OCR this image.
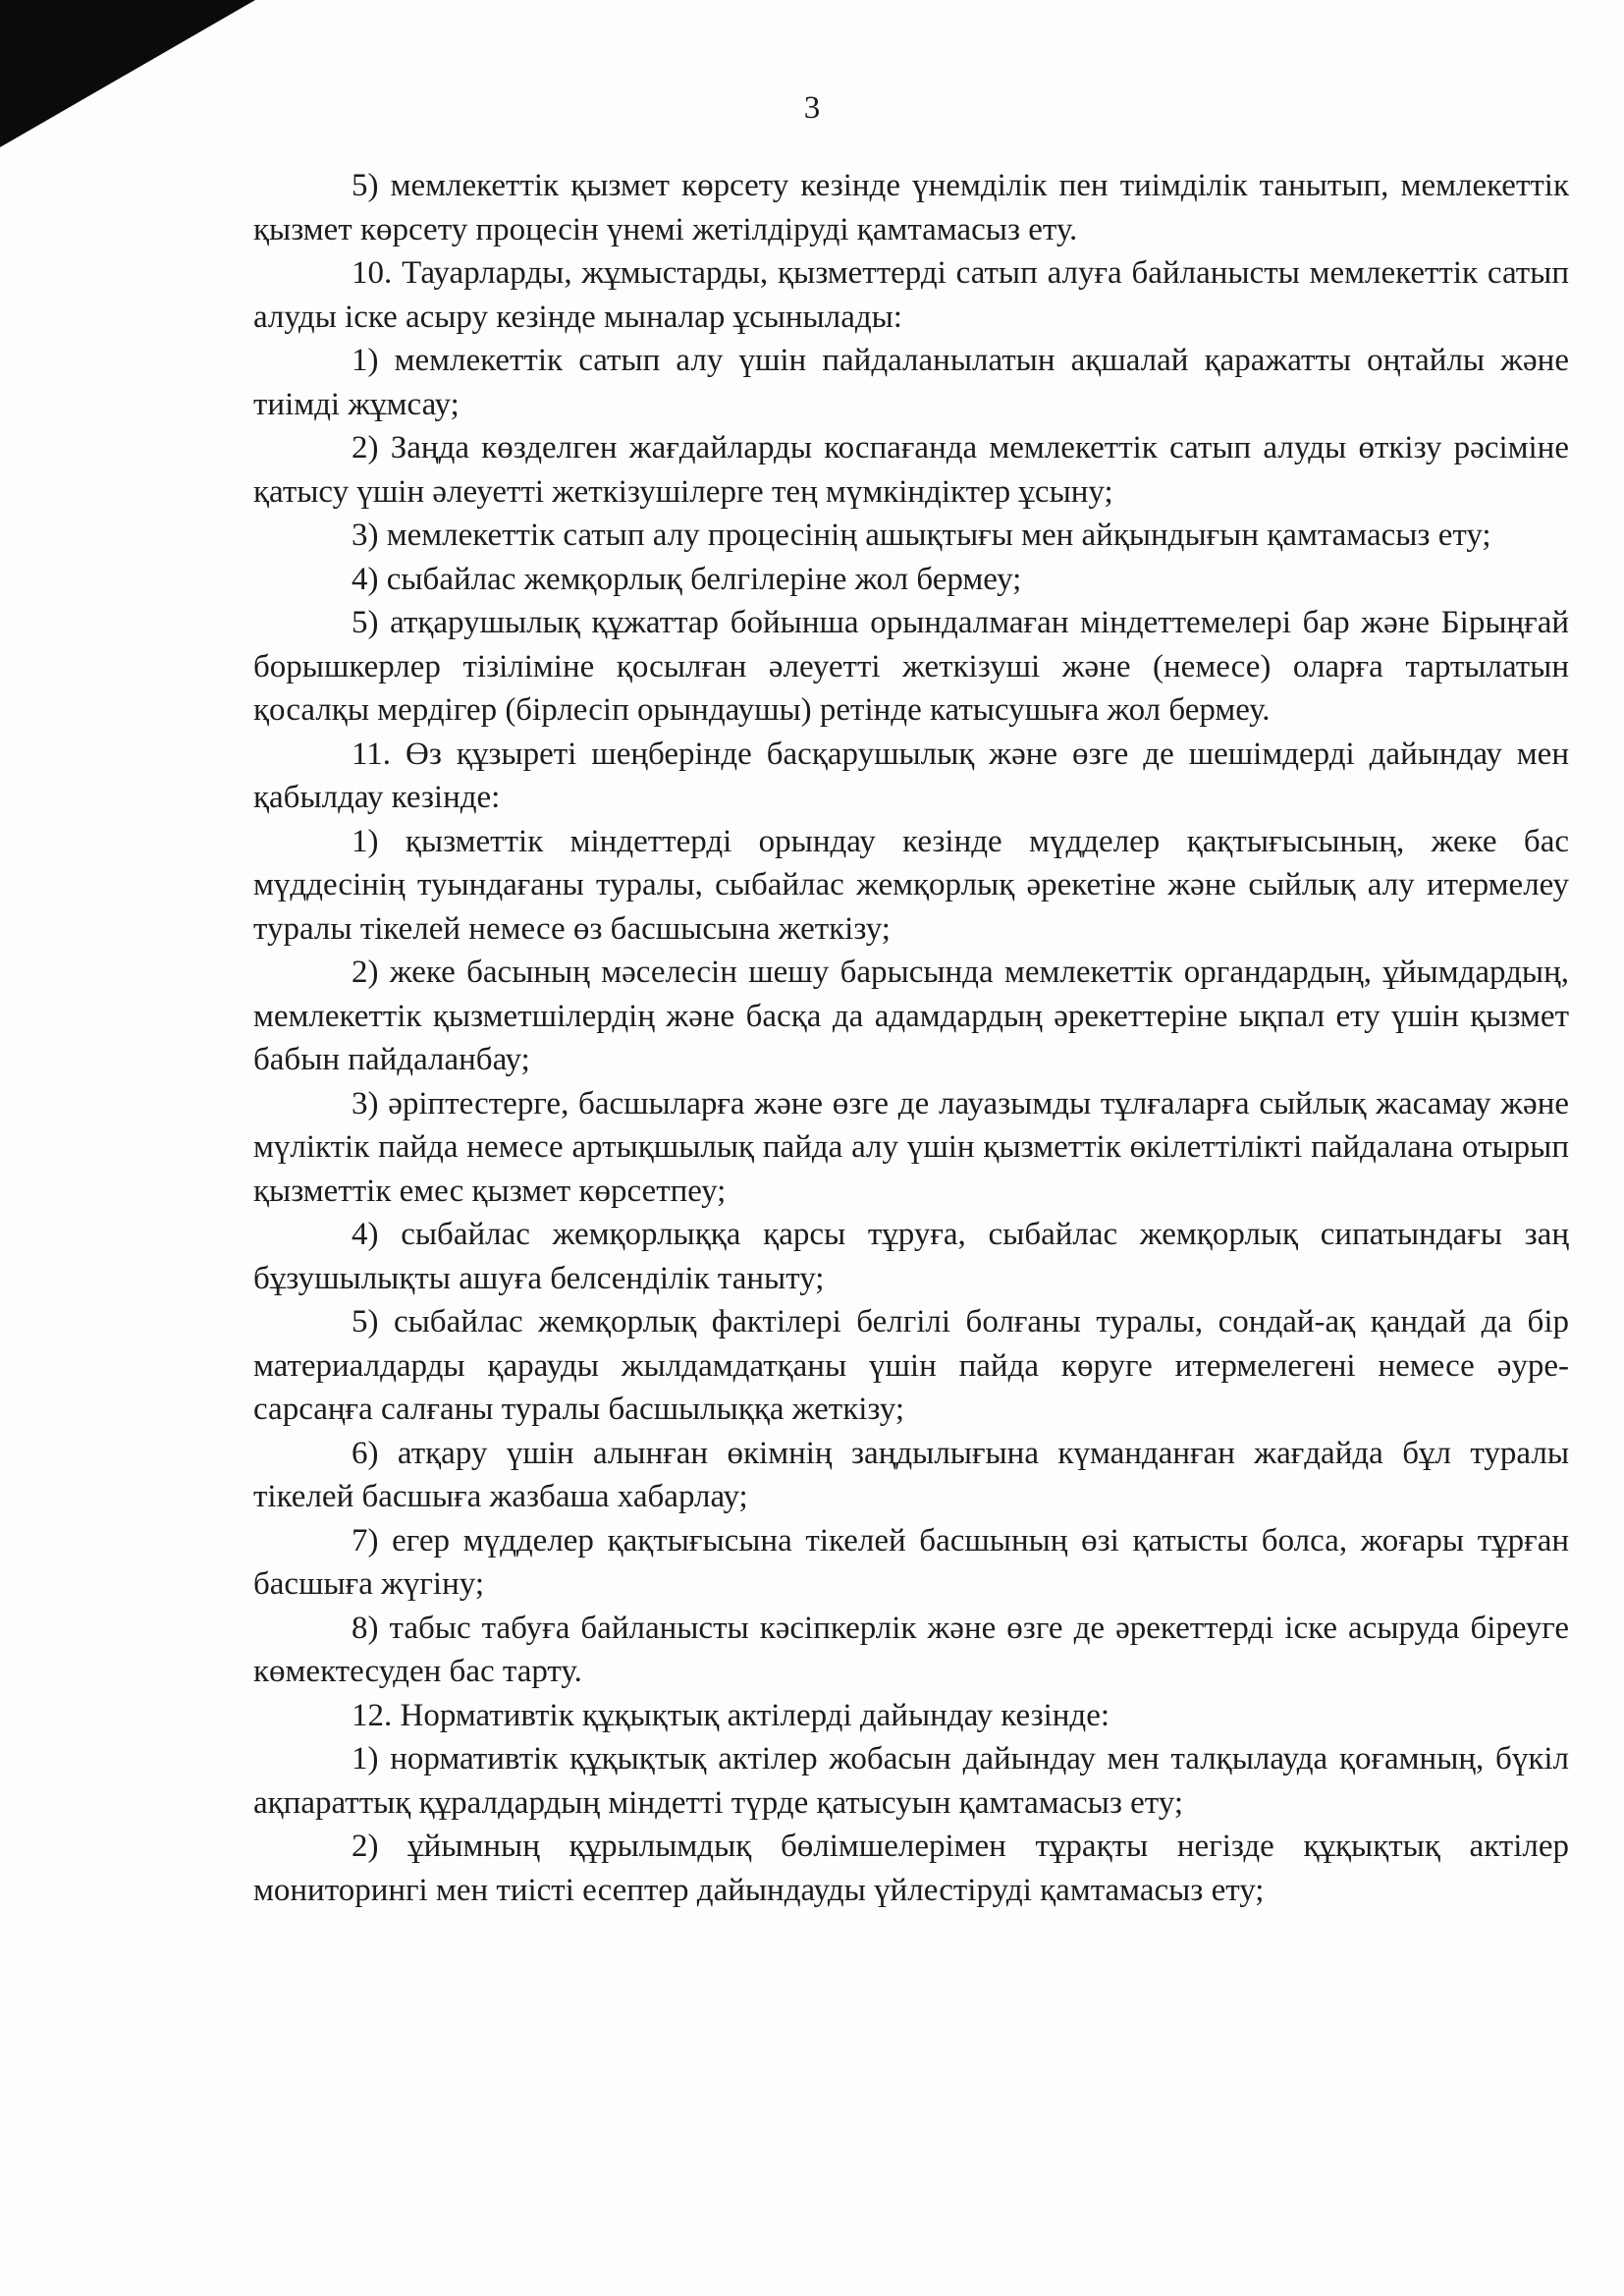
3

5) мемлекеттік қызмет көрсету кезінде үнемділік пен тиімділік танытып, мемлекеттік қызмет көрсету процесін үнемі жетілдіруді қамтамасыз ету.

10. Тауарларды, жұмыстарды, қызметтерді сатып алуға байланысты мемлекеттік сатып алуды іске асыру кезінде мыналар ұсынылады:

1) мемлекеттік сатып алу үшін пайдаланылатын ақшалай қаражатты оңтайлы және тиімді жұмсау;

2) Заңда көзделген жағдайларды коспағанда мемлекеттік сатып алуды өткізу рәсіміне қатысу үшін әлеуетті жеткізушілерге тең мүмкіндіктер ұсыну;

3) мемлекеттік сатып алу процесінің ашықтығы мен айқындығын қамтамасыз ету;

4) сыбайлас жемқорлық белгілеріне жол бермеу;

5) атқарушылық құжаттар бойынша орындалмаған міндеттемелері бар және Бірыңғай борышкерлер тізіліміне қосылған әлеуетті жеткізуші және (немесе) оларға тартылатын қосалқы мердігер (бірлесіп орындаушы) ретінде катысушыға жол бермеу.

11. Өз құзыреті шеңберінде басқарушылық және өзге де шешімдерді дайындау мен қабылдау кезінде:

1) қызметтік міндеттерді орындау кезінде мүдделер қақтығысының, жеке бас мүддесінің туындағаны туралы, сыбайлас жемқорлық әрекетіне және сыйлық алу итермелеу туралы тікелей немесе өз басшысына жеткізу;

2) жеке басының мәселесін шешу барысында мемлекеттік органдардың, ұйымдардың, мемлекеттік қызметшілердің және басқа да адамдардың әрекеттеріне ықпал ету үшін қызмет бабын пайдаланбау;

3) әріптестерге, басшыларға және өзге де лауазымды тұлғаларға сыйлық жасамау және мүліктік пайда немесе артықшылық пайда алу үшін қызметтік өкілеттілікті пайдалана отырып қызметтік емес қызмет көрсетпеу;

4) сыбайлас жемқорлыққа қарсы тұруға, сыбайлас жемқорлық сипатындағы заң бұзушылықты ашуға белсенділік таныту;

5) сыбайлас жемқорлық фактілері белгілі болғаны туралы, сондай-ақ қандай да бір материалдарды қарауды жылдамдатқаны үшін пайда көруге итермелегені немесе әуре-сарсаңға салғаны туралы басшылыққа жеткізу;

6) атқару үшін алынған өкімнің заңдылығына күманданған жағдайда бұл туралы тікелей басшыға жазбаша хабарлау;

7) егер мүдделер қақтығысына тікелей басшының өзі қатысты болса, жоғары тұрған басшыға жүгіну;

8) табыс табуға байланысты кәсіпкерлік және өзге де әрекеттерді іске асыруда біреуге көмектесуден бас тарту.

12. Нормативтік құқықтық актілерді дайындау кезінде:

1) нормативтік құқықтық актілер жобасын дайындау мен талқылауда қоғамның, бүкіл ақпараттық құралдардың міндетті түрде қатысуын қамтамасыз ету;

2) ұйымның құрылымдық бөлімшелерімен тұрақты негізде құқықтық актілер мониторингі мен тиісті есептер дайындауды үйлестіруді қамтамасыз ету;
